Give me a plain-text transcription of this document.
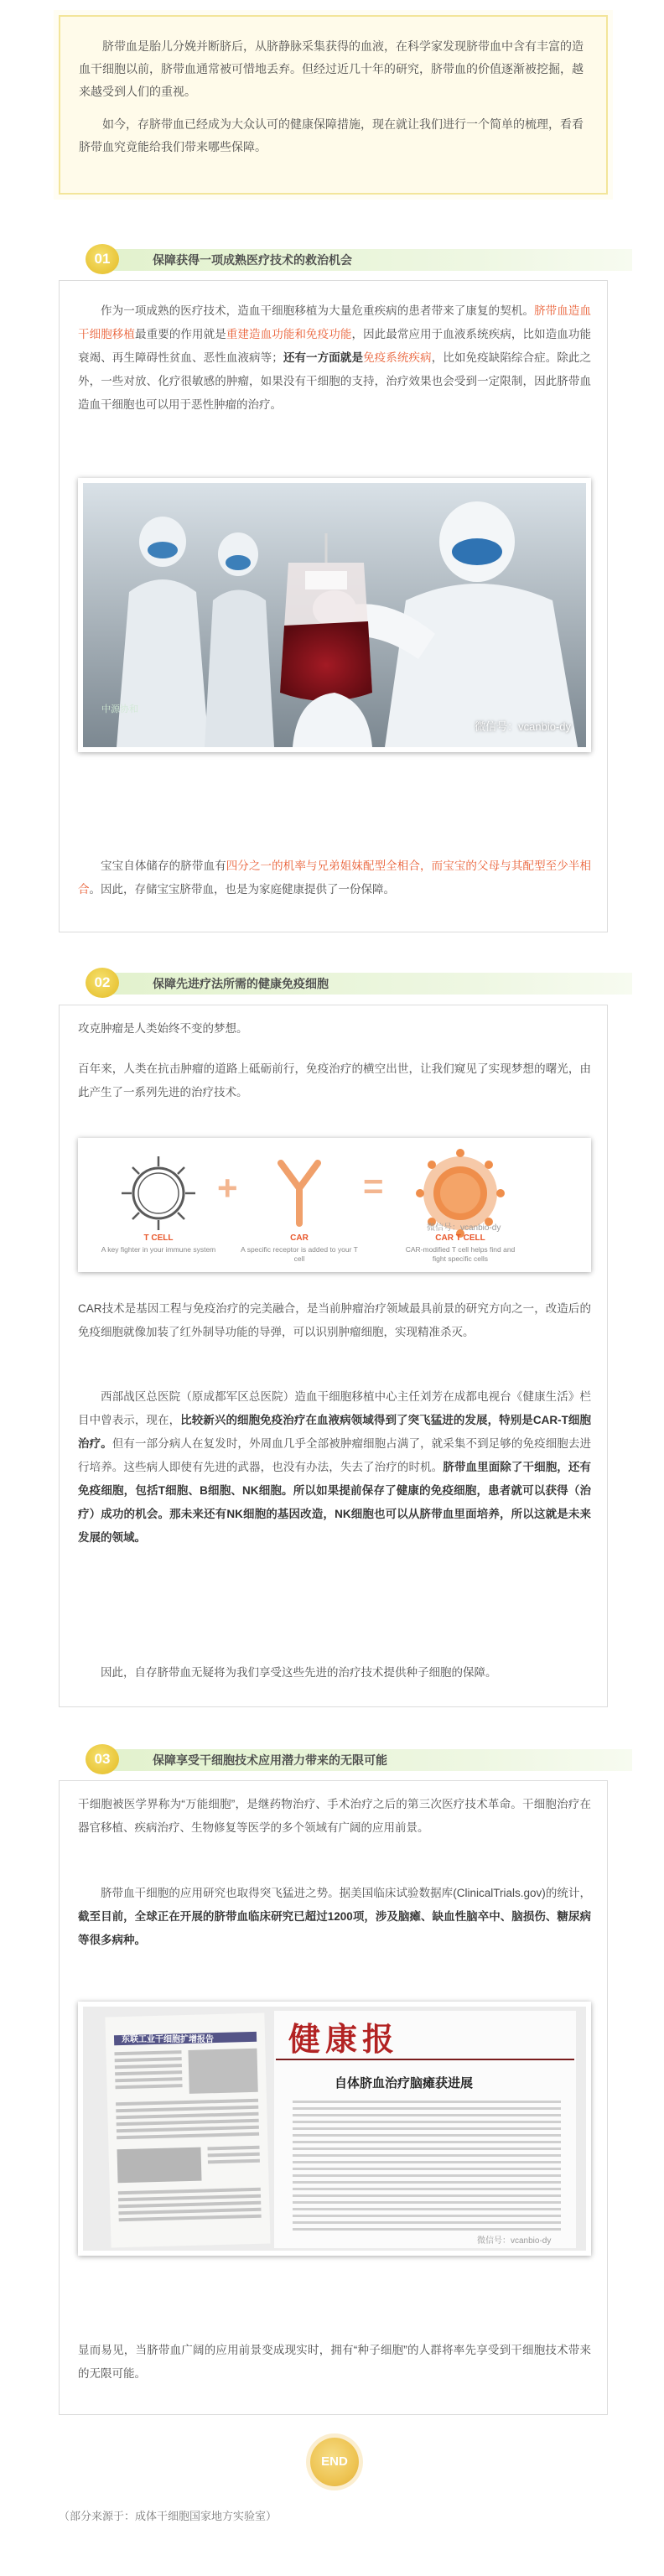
脐带血是胎儿分娩并断脐后，从脐静脉采集获得的血液，在科学家发现脐带血中含有丰富的造血干细胞以前，脐带血通常被可惜地丢弃。但经过近几十年的研究，脐带血的价值逐渐被挖掘，越来越受到人们的重视。

如今，存脐带血已经成为大众认可的健康保障措施，现在就让我们进行一个简单的梳理，看看脐带血究竟能给我们带来哪些保障。

01	保障获得一项成熟医疗技术的救治机会
作为一项成熟的医疗技术，造血干细胞移植为大量危重疾病的患者带来了康复的契机。脐带血造血干细胞移植最重要的作用就是重建造血功能和免疫功能，因此最常应用于血液系统疾病，比如造血功能衰竭、再生障碍性贫血、恶性血液病等；还有一方面就是免疫系统疾病，比如免疫缺陷综合症。除此之外，一些对放、化疗很敏感的肿瘤，如果没有干细胞的支持，治疗效果也会受到一定限制，因此脐带血造血干细胞也可以用于恶性肿瘤的治疗。
中源协和
微信号：vcanbio-dy
宝宝自体储存的脐带血有四分之一的机率与兄弟姐妹配型全相合，而宝宝的父母与其配型至少半相合。因此，存储宝宝脐带血，也是为家庭健康提供了一份保障。
02	保障先进疗法所需的健康免疫细胞
攻克肿瘤是人类始终不变的梦想。
百年来，人类在抗击肿瘤的道路上砥砺前行，免疫治疗的横空出世，让我们窥见了实现梦想的曙光，由此产生了一系列先进的治疗技术。
+	=
T CELL
A key fighter in your immune system
CAR
A specific receptor is added to your T cell
CAR T CELL
CAR-modified T cell helps find and fight specific cells
微信号：vcanbio-dy
CAR技术是基因工程与免疫治疗的完美融合，是当前肿瘤治疗领域最具前景的研究方向之一，改造后的免疫细胞就像加装了红外制导功能的导弹，可以识别肿瘤细胞，实现精准杀灭。
西部战区总医院（原成都军区总医院）造血干细胞移植中心主任刘芳在成都电视台《健康生活》栏目中曾表示，现在，比较新兴的细胞免疫治疗在血液病领域得到了突飞猛进的发展，特别是CAR-T细胞治疗。但有一部分病人在复发时，外周血几乎全部被肿瘤细胞占满了，就采集不到足够的免疫细胞去进行培养。这些病人即使有先进的武器，也没有办法，失去了治疗的时机。脐带血里面除了干细胞，还有免疫细胞，包括T细胞、B细胞、NK细胞。所以如果提前保存了健康的免疫细胞，患者就可以获得（治疗）成功的机会。那未来还有NK细胞的基因改造，NK细胞也可以从脐带血里面培养，所以这就是未来发展的领域。
因此，自存脐带血无疑将为我们享受这些先进的治疗技术提供种子细胞的保障。
03	保障享受干细胞技术应用潜力带来的无限可能
干细胞被医学界称为“万能细胞”，是继药物治疗、手术治疗之后的第三次医疗技术革命。干细胞治疗在器官移植、疾病治疗、生物修复等医学的多个领域有广阔的应用前景。
脐带血干细胞的应用研究也取得突飞猛进之势。据美国临床试验数据库(ClinicalTrials.gov)的统计，截至目前，全球正在开展的脐带血临床研究已超过1200项，涉及脑瘫、缺血性脑卒中、脑损伤、糖尿病等很多病种。
东联工业干细胞扩增报告 健康报
自体脐血治疗脑瘫获进展
微信号：vcanbio-dy
显而易见，当脐带血广阔的应用前景变成现实时，拥有“种子细胞”的人群将率先享受到干细胞技术带来的无限可能。
END
（部分来源于：成体干细胞国家地方实验室）
